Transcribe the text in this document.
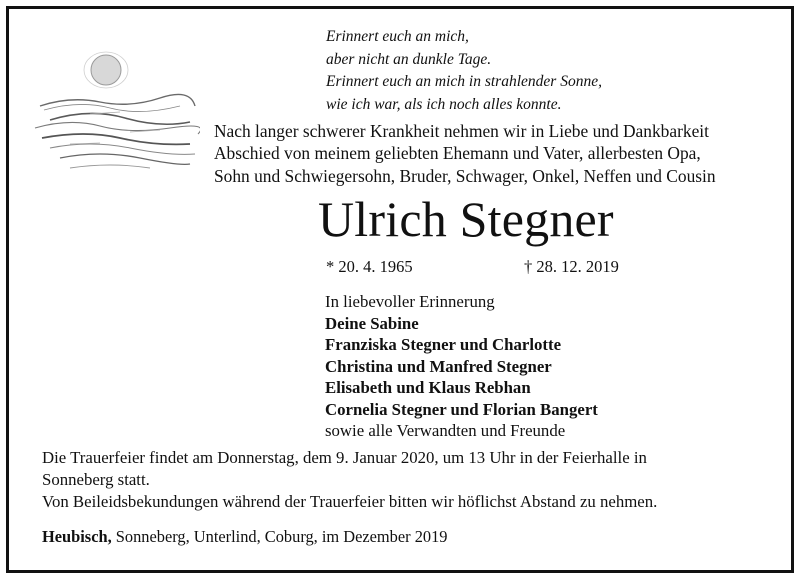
Erinnert euch an mich,
aber nicht an dunkle Tage.
Erinnert euch an mich in strahlender Sonne,
wie ich war, als ich noch alles konnte.
Nach langer schwerer Krankheit nehmen wir in Liebe und Dankbarkeit
Abschied von meinem geliebten Ehemann und Vater, allerbesten Opa,
Sohn und Schwiegersohn, Bruder, Schwager, Onkel, Neffen und Cousin
Ulrich Stegner
* 20. 4. 1965	† 28. 12. 2019
In liebevoller Erinnerung
Deine Sabine
Franziska Stegner und Charlotte
Christina und Manfred Stegner
Elisabeth und Klaus Rebhan
Cornelia Stegner und Florian Bangert
sowie alle Verwandten und Freunde
Die Trauerfeier findet am Donnerstag, dem 9. Januar 2020, um 13 Uhr in der Feierhalle in
Sonneberg statt.
Von Beileidsbekundungen während der Trauerfeier bitten wir höflichst Abstand zu nehmen.
Heubisch, Sonneberg, Unterlind, Coburg, im Dezember 2019
